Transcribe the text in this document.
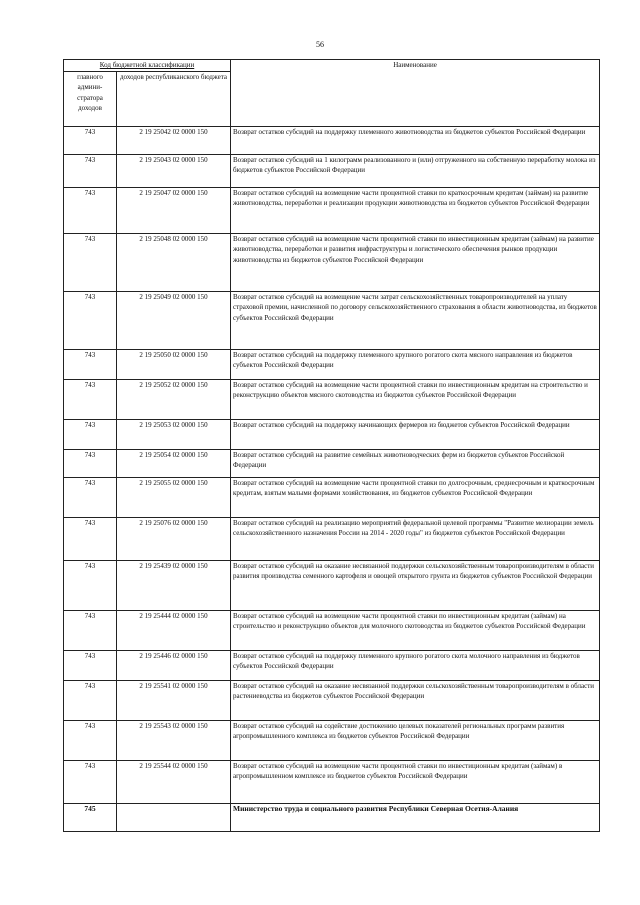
56
Код бюджетной классификации		Наименование
главного админи-стратора доходов	доходов республиканского бюджета	
743	2 19 25042 02 0000 150	Возврат остатков субсидий на поддержку племенного животноводства из бюджетов субъектов Российской Федерации
743	2 19 25043 02 0000 150	Возврат остатков субсидий на 1 килограмм реализованного и (или) отгруженного на собственную переработку молока из бюджетов субъектов Российской Федерации
743	2 19 25047 02 0000 150	Возврат остатков субсидий на возмещение части процентной ставки по краткосрочным кредитам (займам) на развитие животноводства, переработки и реализации продукции животноводства из бюджетов субъектов Российской Федерации
743	2 19 25048 02 0000 150	Возврат остатков субсидий на возмещение части процентной ставки по инвестиционным кредитам (займам) на развитие животноводства, переработки и развития инфраструктуры и логистического обеспечения рынков продукции животноводства из бюджетов субъектов Российской Федерации
743	2 19 25049 02 0000 150	Возврат остатков субсидий на возмещение части затрат сельскохозяйственных товаропроизводителей на уплату страховой премии, начисленной по договору сельскохозяйственного страхования в области животноводства, из бюджетов субъектов Российской Федерации
743	2 19 25050 02 0000 150	Возврат остатков субсидий на поддержку племенного крупного рогатого скота мясного направления из бюджетов субъектов Российской Федерации
743	2 19 25052 02 0000 150	Возврат остатков субсидий на возмещение части процентной ставки по инвестиционным кредитам на строительство и реконструкцию объектов мясного скотоводства из бюджетов субъектов Российской Федерации
743	2 19 25053 02 0000 150	Возврат остатков субсидий на поддержку начинающих фермеров из бюджетов субъектов Российской Федерации
743	2 19 25054 02 0000 150	Возврат остатков субсидий на развитие семейных животноводческих ферм из бюджетов субъектов Российской Федерации
743	2 19 25055 02 0000 150	Возврат остатков субсидий на возмещение части процентной ставки по долгосрочным, среднесрочным и краткосрочным кредитам, взятым малыми формами хозяйствования, из бюджетов субъектов Российской Федерации
743	2 19 25076 02 0000 150	Возврат остатков субсидий на реализацию мероприятий федеральной целевой программы "Развитие мелиорации земель сельскохозяйственного назначения России на 2014 - 2020 годы" из бюджетов субъектов Российской Федерации
743	2 19 25439 02 0000 150	Возврат остатков субсидий на оказание несвязанной поддержки сельскохозяйственным товаропроизводителям в области развития производства семенного картофеля и овощей открытого грунта из бюджетов субъектов Российской Федерации
743	2 19 25444 02 0000 150	Возврат остатков субсидий на возмещение части процентной ставки по инвестиционным кредитам (займам) на строительство и реконструкцию объектов для молочного скотоводства из бюджетов субъектов Российской Федерации
743	2 19 25446 02 0000 150	Возврат остатков субсидий на поддержку племенного крупного рогатого скота молочного направления из бюджетов субъектов Российской Федерации
743	2 19 25541 02 0000 150	Возврат остатков субсидий на оказание несвязанной поддержки сельскохозяйственным товаропроизводителям в области растениеводства из бюджетов субъектов Российской Федерации
743	2 19 25543 02 0000 150	Возврат остатков субсидий на содействие достижению целевых показателей региональных программ развития агропромышленного комплекса из бюджетов субъектов Российской Федерации
743	2 19 25544 02 0000 150	Возврат остатков субсидий на возмещение части процентной ставки по инвестиционным кредитам (займам) в агропромышленном комплексе из бюджетов субъектов Российской Федерации
745		Министерство труда и социального развития Республики Северная Осетия-Алания
